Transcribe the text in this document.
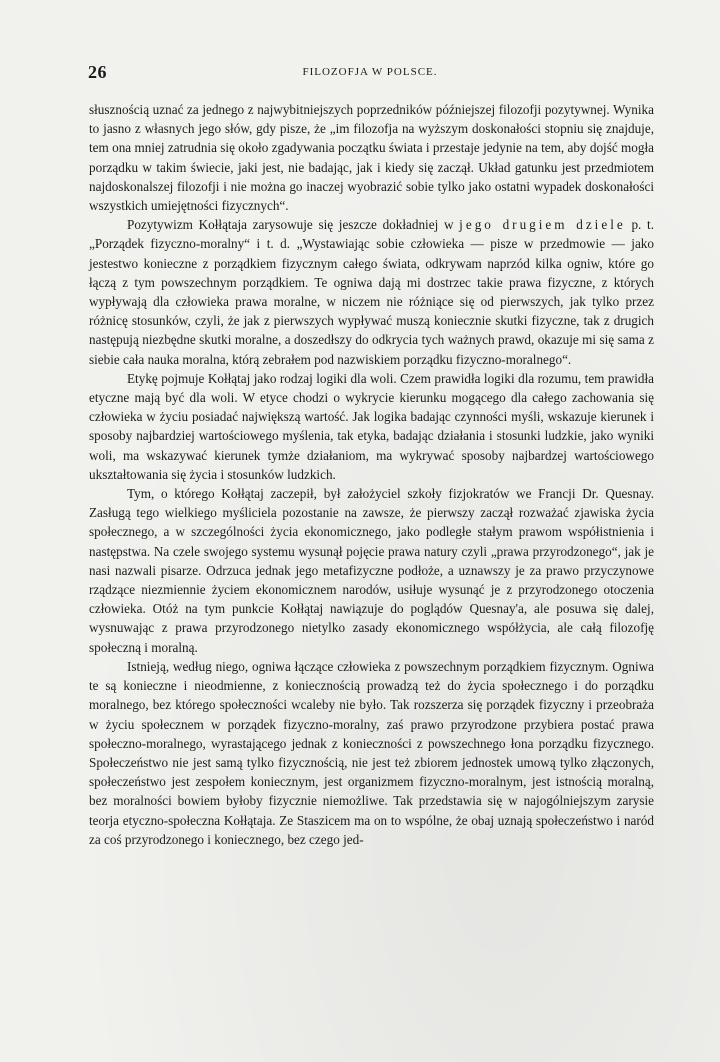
26	FILOZOFJA W POLSCE.

słusznością uznać za jednego z najwybitniejszych poprzedników późniejszej filozofji pozytywnej. Wynika to jasno z własnych jego słów, gdy pisze, że „im filozofja na wyższym doskonałości stopniu się znajduje, tem ona mniej zatrudnia się około zgadywania początku świata i przestaje jedynie na tem, aby dojść mogła porządku w takim świecie, jaki jest, nie badając, jak i kiedy się zaczął. Układ gatunku jest przedmiotem najdoskonalszej filozofji i nie można go inaczej wyobrazić sobie tylko jako ostatni wypadek doskonałości wszystkich umiejętności fizycznych“.

Pozytywizm Kołłątaja zarysowuje się jeszcze dokładniej w jego drugiem dziele p. t. „Porządek fizyczno-moralny“ i t. d. „Wystawiając sobie człowieka — pisze w przedmowie — jako jestestwo konieczne z porządkiem fizycznym całego świata, odkrywam naprzód kilka ogniw, które go łączą z tym powszechnym porządkiem. Te ogniwa dają mi dostrzec takie prawa fizyczne, z których wypływają dla człowieka prawa moralne, w niczem nie różniące się od pierwszych, jak tylko przez różnicę stosunków, czyli, że jak z pierwszych wypływać muszą koniecznie skutki fizyczne, tak z drugich następują niezbędne skutki moralne, a doszedłszy do odkrycia tych ważnych prawd, okazuje mi się sama z siebie cała nauka moralna, którą zebrałem pod nazwiskiem porządku fizyczno-moralnego“.

Etykę pojmuje Kołłątaj jako rodzaj logiki dla woli. Czem prawidła logiki dla rozumu, tem prawidła etyczne mają być dla woli. W etyce chodzi o wykrycie kierunku mogącego dla całego zachowania się człowieka w życiu posiadać największą wartość. Jak logika badając czynności myśli, wskazuje kierunek i sposoby najbardziej wartościowego myślenia, tak etyka, badając działania i stosunki ludzkie, jako wyniki woli, ma wskazywać kierunek tymże działaniom, ma wykrywać sposoby najbardzej wartościowego ukształtowania się życia i stosunków ludzkich.

Tym, o którego Kołłątaj zaczepił, był założyciel szkoły fizjokratów we Francji Dr. Quesnay. Zasługą tego wielkiego myśliciela pozostanie na zawsze, że pierwszy zaczął rozważać zjawiska życia społecznego, a w szczególności życia ekonomicznego, jako podległe stałym prawom współistnienia i następstwa. Na czele swojego systemu wysunął pojęcie prawa natury czyli „prawa przyrodzonego“, jak je nasi nazwali pisarze. Odrzuca jednak jego metafizyczne podłoże, a uznawszy je za prawo przyczynowe rządzące niezmiennie życiem ekonomicznem narodów, usiłuje wysunąć je z przyrodzonego otoczenia człowieka. Otóż na tym punkcie Kołłątaj nawiązuje do poglądów Quesnay'a, ale posuwa się dalej, wysnuwając z prawa przyrodzonego nietylko zasady ekonomicznego współżycia, ale całą filozofję społeczną i moralną.

Istnieją, według niego, ogniwa łączące człowieka z powszechnym porządkiem fizycznym. Ogniwa te są konieczne i nieodmienne, z koniecznością prowadzą też do życia społecznego i do porządku moralnego, bez którego społeczności wcaleby nie było. Tak rozszerza się porządek fizyczny i przeobraża w życiu społecznem w porządek fizyczno-moralny, zaś prawo przyrodzone przybiera postać prawa społeczno-moralnego, wyrastającego jednak z konieczności z powszechnego łona porządku fizycznego. Społeczeństwo nie jest samą tylko fizycznością, nie jest też zbiorem jednostek umową tylko złączonych, społeczeństwo jest zespołem koniecznym, jest organizmem fizyczno-moralnym, jest istnością moralną, bez moralności bowiem byłoby fizycznie niemożliwe. Tak przedstawia się w najogólniejszym zarysie teorja etyczno-społeczna Kołłątaja. Ze Staszicem ma on to wspólne, że obaj uznają społeczeństwo i naród za coś przyrodzonego i koniecznego, bez czego jed-
